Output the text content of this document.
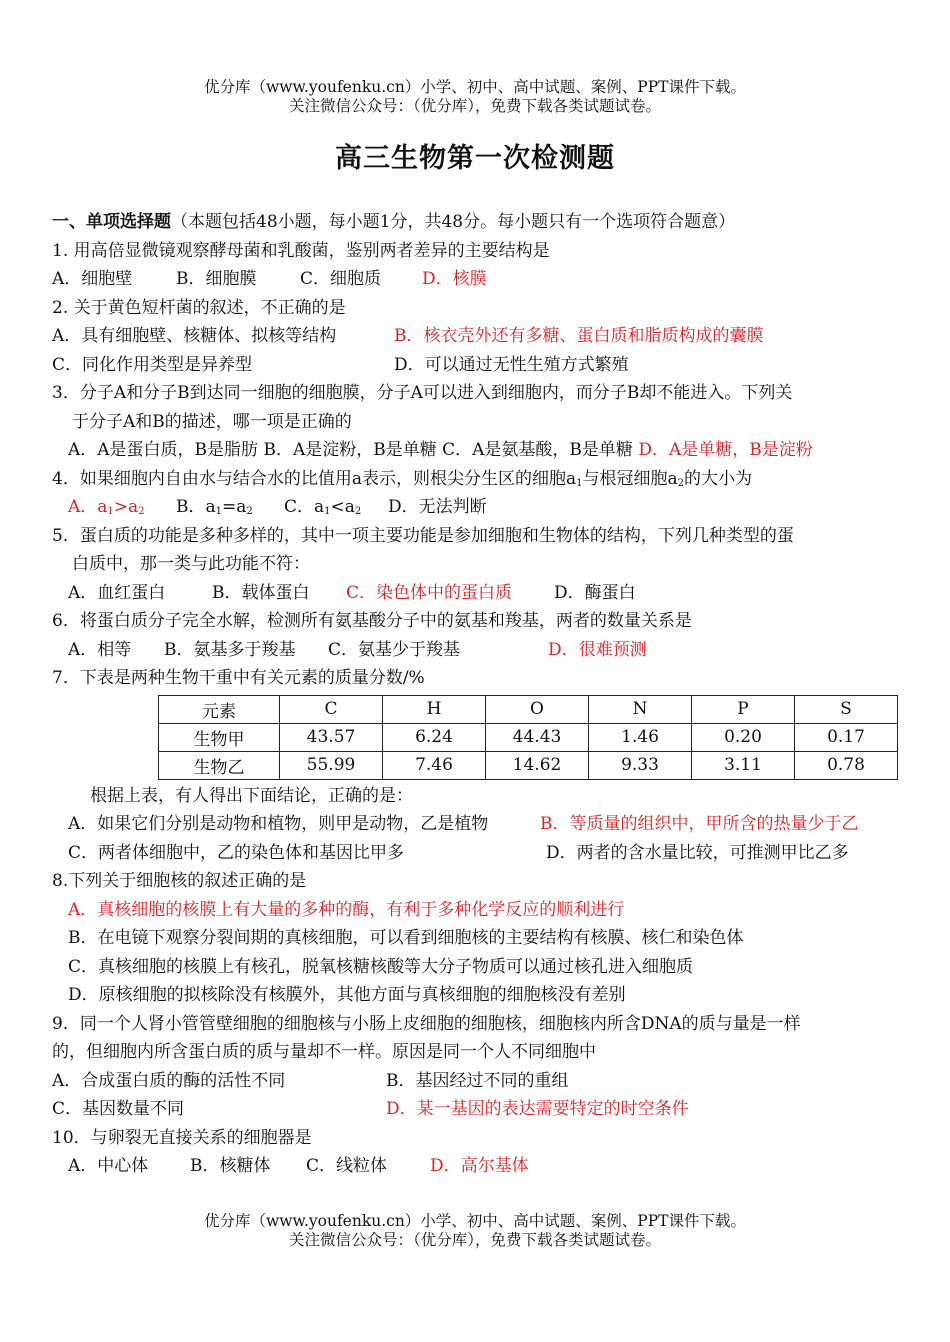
优分库（www.youfenku.cn）小学、初中、高中试题、案例、PPT课件下载。
关注微信公众号：（优分库），免费下载各类试题试卷。
高三生物第一次检测题
一、单项选择题（本题包括48小题，每小题1分，共48分。每小题只有一个选项符合题意）
1. 用高倍显微镜观察酵母菌和乳酸菌，鉴别两者差异的主要结构是
A．细胞壁	B．细胞膜	C．细胞质 D．核膜
2. 关于黄色短杆菌的叙述，不正确的是
A．具有细胞壁、核糖体、拟核等结构	B．核衣壳外还有多糖、蛋白质和脂质构成的囊膜
C．同化作用类型是异养型	D．可以通过无性生殖方式繁殖
3．分子A和分子B到达同一细胞的细胞膜，分子A可以进入到细胞内，而分子B却不能进入。下列关
于分子A和B的描述，哪一项是正确的
A．A是蛋白质，B是脂肪 B．A是淀粉，B是单糖 C．A是氨基酸，B是单糖 D．A是单糖，B是淀粉
4．如果细胞内自由水与结合水的比值用a表示，则根尖分生区的细胞$a_1$与根冠细胞$a_2$的大小为
A．$a_1>a_2$ B．$a_1=a_2$ C．$a_1<a_2$ D．无法判断
5．蛋白质的功能是多种多样的，其中一项主要功能是参加细胞和生物体的结构，下列几种类型的蛋
白质中，那一类与此功能不符：
A．血红蛋白	B．载体蛋白 C．染色体中的蛋白质 D．酶蛋白
6．将蛋白质分子完全水解，检测所有氨基酸分子中的氨基和羧基，两者的数量关系是
A．相等 B．氨基多于羧基 C．氨基少于羧基	D．很难预测
7．下表是两种生物干重中有关元素的质量分数/%
元素	C	H	O	N	P	S
生物甲	43.57	6.24	44.43	1.46	0.20	0.17
生物乙	55.99	7.46	14.62	9.33	3.11	0.78
根据上表，有人得出下面结论，正确的是：
A．如果它们分别是动物和植物，则甲是动物，乙是植物	B．等质量的组织中，甲所含的热量少于乙
C．两者体细胞中，乙的染色体和基因比甲多	D．两者的含水量比较，可推测甲比乙多
8.下列关于细胞核的叙述正确的是
A．真核细胞的核膜上有大量的多种的酶，有利于多种化学反应的顺利进行
B．在电镜下观察分裂间期的真核细胞，可以看到细胞核的主要结构有核膜、核仁和染色体
C．真核细胞的核膜上有核孔，脱氧核糖核酸等大分子物质可以通过核孔进入细胞质
D．原核细胞的拟核除没有核膜外，其他方面与真核细胞的细胞核没有差别
9．同一个人肾小管管壁细胞的细胞核与小肠上皮细胞的细胞核，细胞核内所含DNA的质与量是一样
的，但细胞内所含蛋白质的质与量却不一样。原因是同一个人不同细胞中
A．合成蛋白质的酶的活性不同	B．基因经过不同的重组
C．基因数量不同	D．某一基因的表达需要特定的时空条件
10．与卵裂无直接关系的细胞器是
A．中心体 B．核糖体 C．线粒体	D．高尔基体
优分库（www.youfenku.cn）小学、初中、高中试题、案例、PPT课件下载。
关注微信公众号：（优分库），免费下载各类试题试卷。
